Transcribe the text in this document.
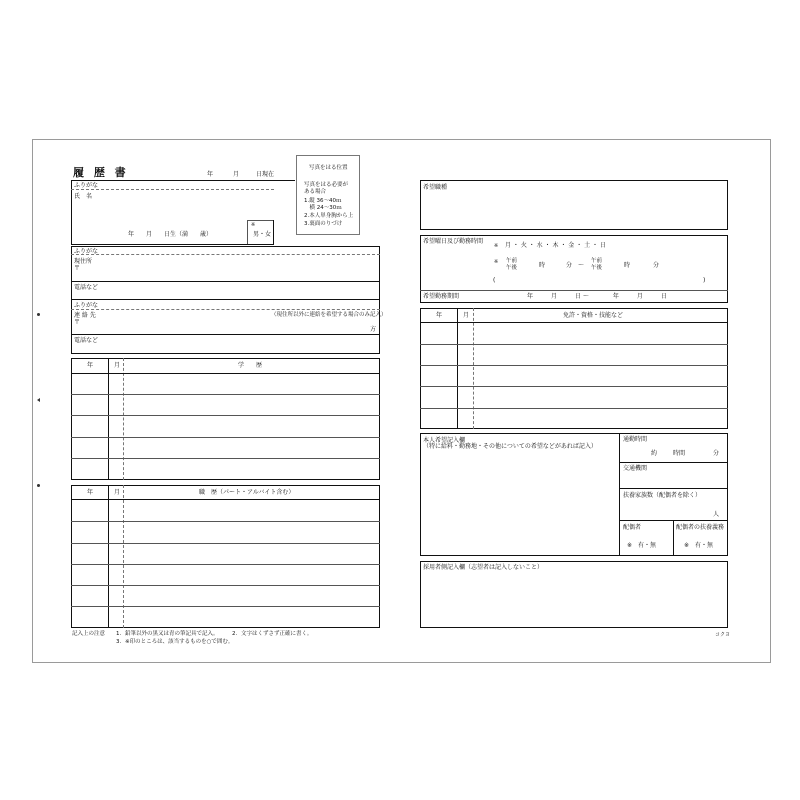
履 歴 書	年	月	日現在
写真をはる位置
写真をはる必要が
ある場合
1.縦 36～40ｍ
　横 24～30ｍ
2.本人単身胸から上
3.裏面のりづけ
ふりがな
氏　名
年　　月　　日生（満　　歳）
※
男・女
ふりがな
現住所
〒
電話など
ふりがな
連 絡 先
〒
（現住所以外に連絡を希望する場合のみ記入）
方
電話など
年	月	学　　歴
年	月	職　歴（パート・アルバイト含む）
記入上の注意 1．鉛筆以外の黒又は青の筆記具で記入。 2．文字はくずさず正確に書く。
3．※印のところは、該当するものを○で囲む。
希望職種
希望曜日及び勤務時間
※ 月 ・ 火 ・ 水 ・ 木 ・ 金 ・ 土 ・ 日
※ 午前
午後	時	分 ～
午前
午後	時	分
(	)
希望勤務期間	年　　　月　　　日 ～　　　　年　　　月　　　日
年	月	免許・資格・技能など
本人希望記入欄
（特に給料・勤務地・その他についての希望などがあれば記入）
通勤時間
約	時間	分
交通機関
扶養家族数（配偶者を除く）
人
配偶者
※　有・無
配偶者の扶養義務
※　有・無
採用者側記入欄（志望者は記入しないこと）
コクヨ
